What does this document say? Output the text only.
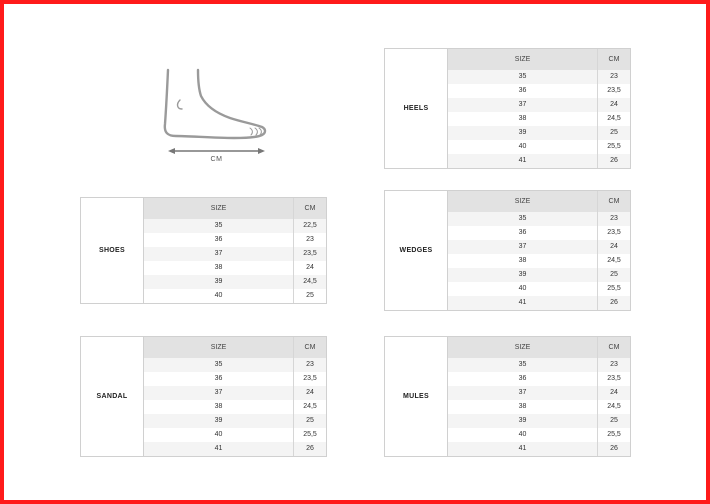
CM
HEELS
SIZE	CM
35	23
36	23,5
37	24
38	24,5
39	25
40	25,5
41	26
SHOES
SIZE	CM
35	22,5
36	23
37	23,5
38	24
39	24,5
40	25
WEDGES
SIZE	CM
35	23
36	23,5
37	24
38	24,5
39	25
40	25,5
41	26
SANDAL
SIZE	CM
35	23
36	23,5
37	24
38	24,5
39	25
40	25,5
41	26
MULES
SIZE	CM
35	23
36	23,5
37	24
38	24,5
39	25
40	25,5
41	26
